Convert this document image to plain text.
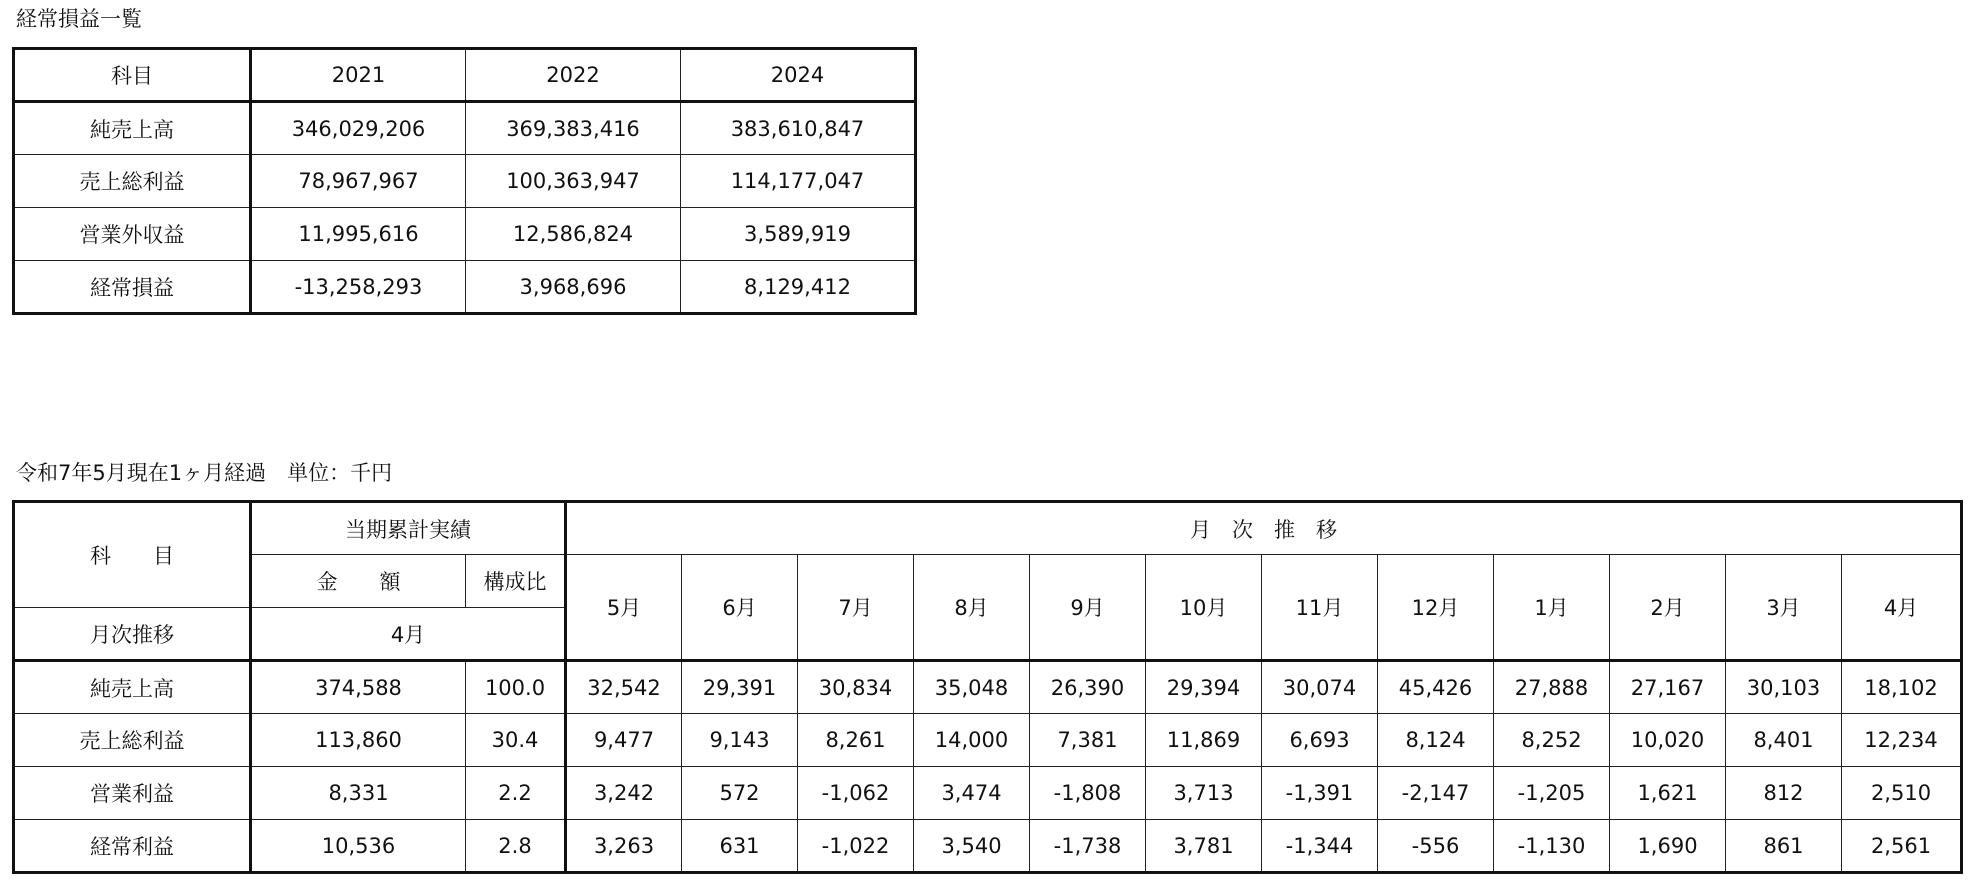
経常損益一覧
科目	2021	2022	2024
純売上高	346,029,206	369,383,416	383,610,847
売上総利益	78,967,967	100,363,947	114,177,047
営業外収益	11,995,616	12,586,824	3,589,919
経常損益	-13,258,293	3,968,696	8,129,412
令和7年5月現在1ヶ月経過　単位：千円
科　　目	当期累計実績		月　次　推　移											
	金　　額	構成比	5月	6月	7月	8月	9月	10月	11月	12月	1月	2月	3月	4月
月次推移	4月													
純売上高	374,588	100.0	32,542	29,391	30,834	35,048	26,390	29,394	30,074	45,426	27,888	27,167	30,103	18,102
売上総利益	113,860	30.4	9,477	9,143	8,261	14,000	7,381	11,869	6,693	8,124	8,252	10,020	8,401	12,234
営業利益	8,331	2.2	3,242	572	-1,062	3,474	-1,808	3,713	-1,391	-2,147	-1,205	1,621	812	2,510
経常利益	10,536	2.8	3,263	631	-1,022	3,540	-1,738	3,781	-1,344	-556	-1,130	1,690	861	2,561
